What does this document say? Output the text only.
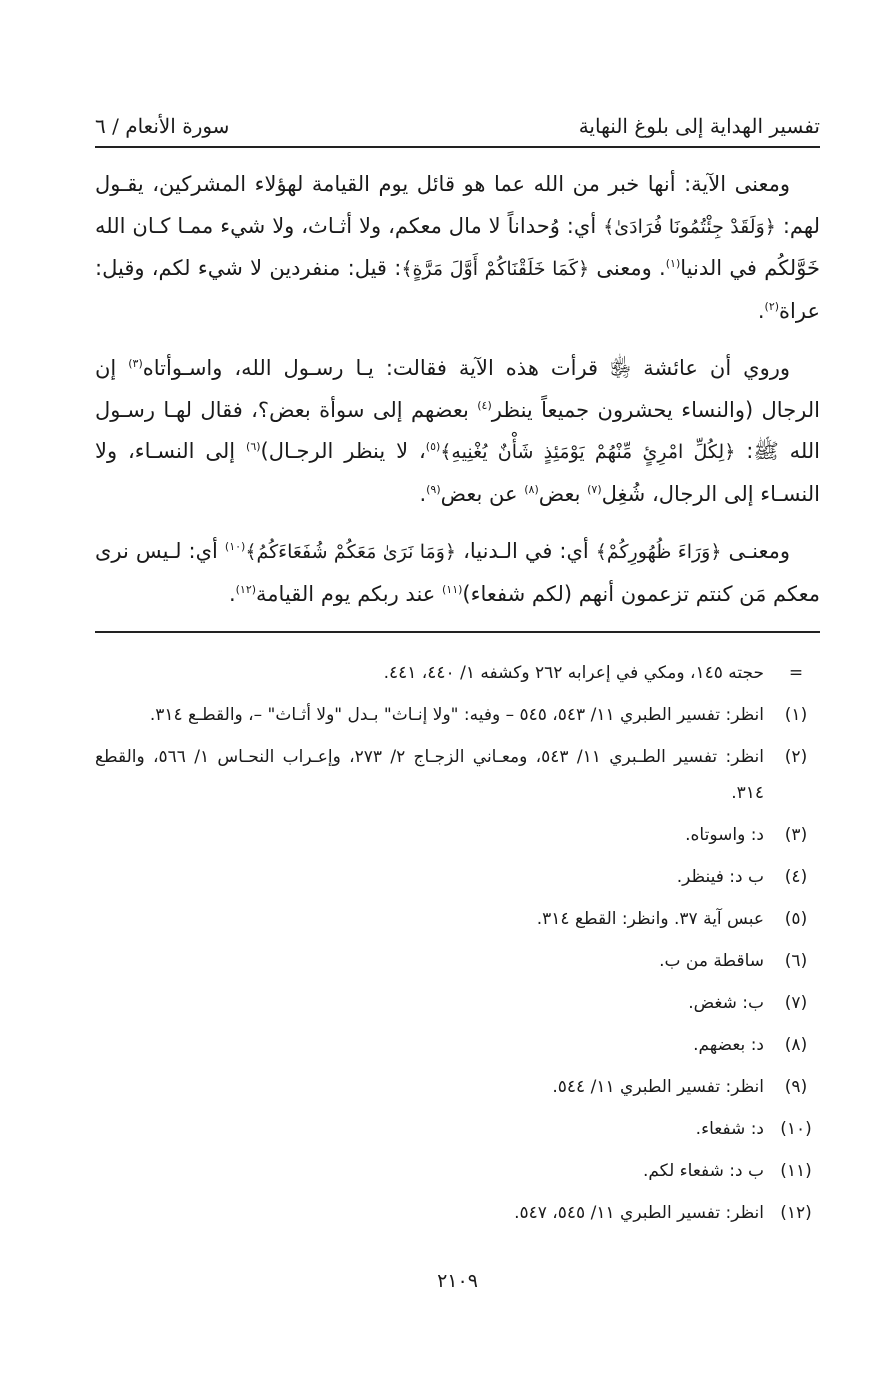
تفسير الهداية إلى بلوغ النهاية
سورة الأنعام / ٦

ومعنى الآية: أنها خبر من الله عما هو قائل يوم القيامة لهؤلاء المشركين، يقـول لهم: ﴿وَلَقَدْ جِئْتُمُونَا فُرَادَىٰ﴾ أي: وُحداناً لا مال معكم، ولا أثـاث، ولا شيء ممـا كـان الله خَوَّلكُم في الدنيا$^{(١)}$. ومعنى ﴿كَمَا خَلَقْنَاكُمْ أَوَّلَ مَرَّةٍ﴾: قيل: منفردين لا شيء لكم، وقيل: عراة$^{(٢)}$.

وروي أن عائشة ﵂ قرأت هذه الآية فقالت: يـا رسـول الله، واسـوأتاه$^{(٣)}$ إن الرجال (والنساء يحشرون جميعاً ينظر$^{(٤)}$ بعضهم إلى سوأة بعض؟، فقال لهـا رسـول الله ﷺ: ﴿لِكُلِّ امْرِئٍ مِّنْهُمْ يَوْمَئِذٍ شَأْنٌ يُغْنِيهِ﴾$^{(٥)}$، لا ينظر الرجـال)$^{(٦)}$ إلى النسـاء، ولا النسـاء إلى الرجال، شُغِل$^{(٧)}$ بعض$^{(٨)}$ عن بعض$^{(٩)}$.

ومعنـى ﴿وَرَاءَ ظُهُورِكُمْ﴾ أي: في الـدنيا، ﴿وَمَا نَرَىٰ مَعَكُمْ شُفَعَاءَكُمُ﴾$^{(١٠)}$ أي: لـيس نرى معكم مَن كنتم تزعمون أنهم (لكم شفعاء)$^{(١١)}$ عند ربكم يوم القيامة$^{(١٢)}$.

=
حجته ١٤٥، ومكي في إعرابه ٢٦٢ وكشفه ١/ ٤٤٠، ٤٤١.
(١)
انظر: تفسير الطبري ١١/ ٥٤٣، ٥٤٥ – وفيه: "ولا إنـاث" بـدل "ولا أثـاث" –، والقطـع ٣١٤.
(٢)
انظر: تفسير الطـبري ١١/ ٥٤٣، ومعـاني الزجـاج ٢/ ٢٧٣، وإعـراب النحـاس ١/ ٥٦٦، والقطع ٣١٤.
(٣)
د: واسوتاه.
(٤)
ب د: فينظر.
(٥)
عبس آية ٣٧. وانظر: القطع ٣١٤.
(٦)
ساقطة من ب.
(٧)
ب: شغض.
(٨)
د: بعضهم.
(٩)
انظر: تفسير الطبري ١١/ ٥٤٤.
(١٠)
د: شفعاء.
(١١)
ب د: شفعاء لكم.
(١٢)
انظر: تفسير الطبري ١١/ ٥٤٥، ٥٤٧.
٢١٠٩
